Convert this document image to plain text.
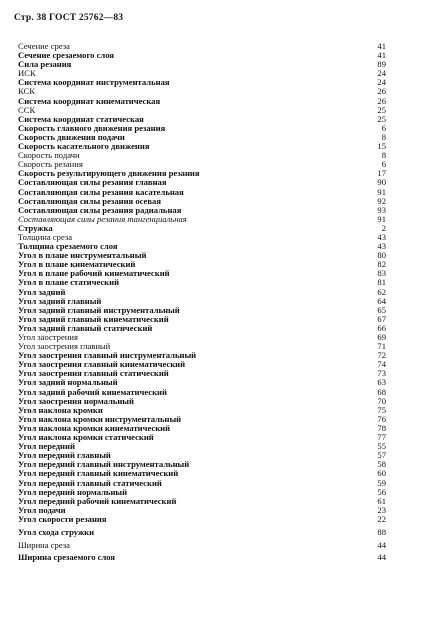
Стр. 38 ГОСТ 25762—83
Сечение среза	41
Сечение срезаемого слоя	41
Сила резания	89
ИСК	24
Система координат инструментальная	24
КСК	26
Система координат кинематическая	26
ССК	25
Система координат статическая	25
Скорость главного движения резания	6
Скорость движения подачи	8
Скорость касательного движения	15
Скорость подачи	8
Скорость резания	6
Скорость результирующего движения резания	17
Составляющая силы резания главная	90
Составляющая силы резания касательная	91
Составляющая силы резания осевая	92
Составляющая силы резания радиальная	93
Составляющая силы резания тангенциальная	91
Стружка	2
Толщина среза	43
Толщина срезаемого слоя	43
Угол в плане инструментальный	80
Угол в плане кинематический	82
Угол в плане рабочий кинематический	83
Угол в плане статический	81
Угол задний	62
Угол задний главный	64
Угол задний главный инструментальный	65
Угол задний главный кинематический	67
Угол задний главный статический	66
Угол заострения	69
Угол заострения главный	71
Угол заострения главный инструментальный	72
Угол заострения главный кинематический	74
Угол заострения главный статический	73
Угол задний нормальный	63
Угол задний рабочий кинематический	68
Угол заострения нормальный	70
Угол наклона кромки	75
Угол наклона кромки инструментальный	76
Угол наклона кромки кинематический	78
Угол наклона кромки статический	77
Угол передний	55
Угол передний главный	57
Угол передний главный инструментальный	58
Угол передний главный кинематический	60
Угол передний главный статический	59
Угол передний нормальный	56
Угол передний рабочий кинематический	61
Угол подачи	23
Угол скорости резания	22
Угол схода стружки	88
Ширина среза	44
Ширина срезаемого слоя	44
